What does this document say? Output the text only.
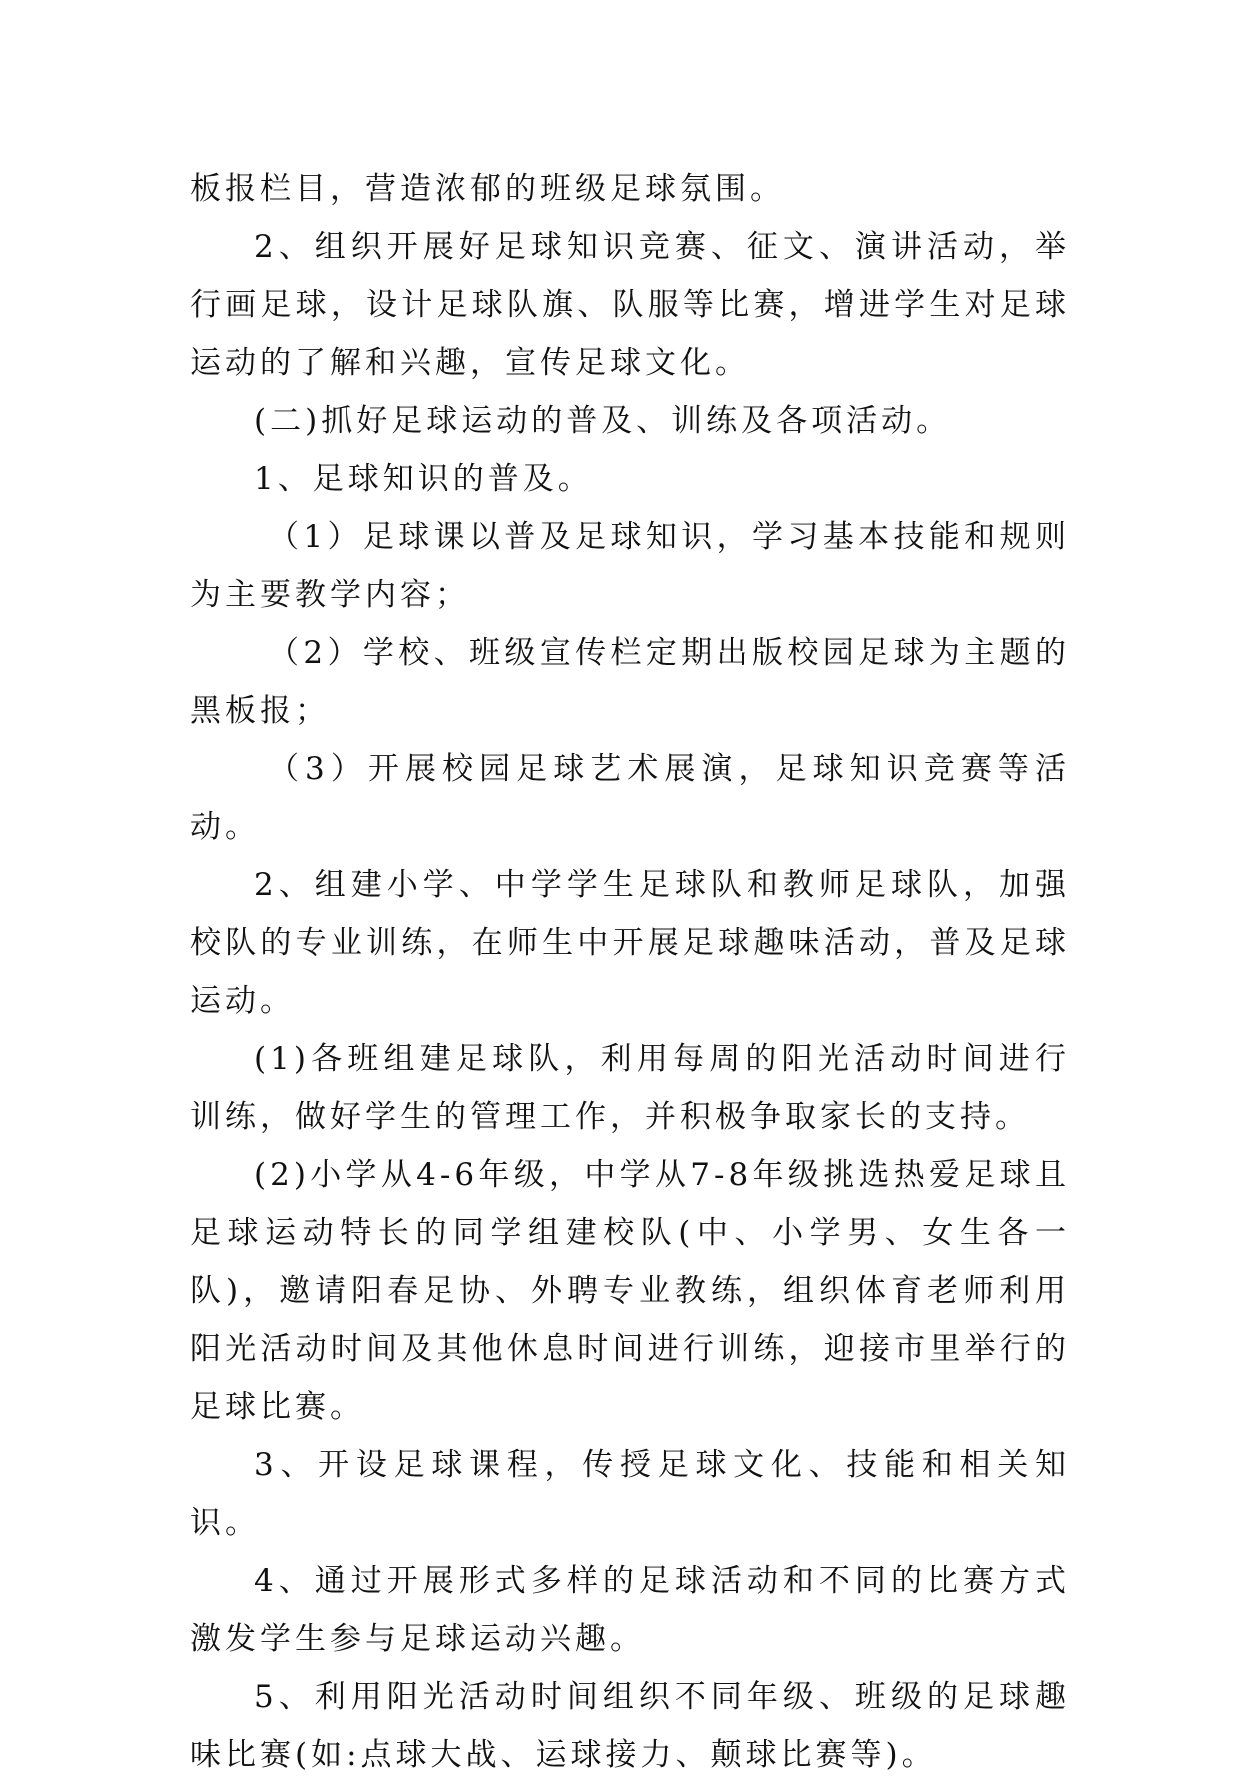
板报栏目，营造浓郁的班级足球氛围。

2、组织开展好足球知识竞赛、征文、演讲活动，举行画足球，设计足球队旗、队服等比赛，增进学生对足球运动的了解和兴趣，宣传足球文化。

(二)抓好足球运动的普及、训练及各项活动。

1、足球知识的普及。

（1）足球课以普及足球知识，学习基本技能和规则为主要教学内容；

（2）学校、班级宣传栏定期出版校园足球为主题的黑板报；

（3）开展校园足球艺术展演，足球知识竞赛等活动。

2、组建小学、中学学生足球队和教师足球队，加强校队的专业训练，在师生中开展足球趣味活动，普及足球运动。

(1)各班组建足球队，利用每周的阳光活动时间进行训练，做好学生的管理工作，并积极争取家长的支持。

(2)小学从4-6年级，中学从7-8年级挑选热爱足球且足球运动特长的同学组建校队(中、小学男、女生各一队)，邀请阳春足协、外聘专业教练，组织体育老师利用阳光活动时间及其他休息时间进行训练，迎接市里举行的足球比赛。

3、开设足球课程，传授足球文化、技能和相关知识。

4、通过开展形式多样的足球活动和不同的比赛方式激发学生参与足球运动兴趣。

5、利用阳光活动时间组织不同年级、班级的足球趣味比赛(如:点球大战、运球接力、颠球比赛等)。
